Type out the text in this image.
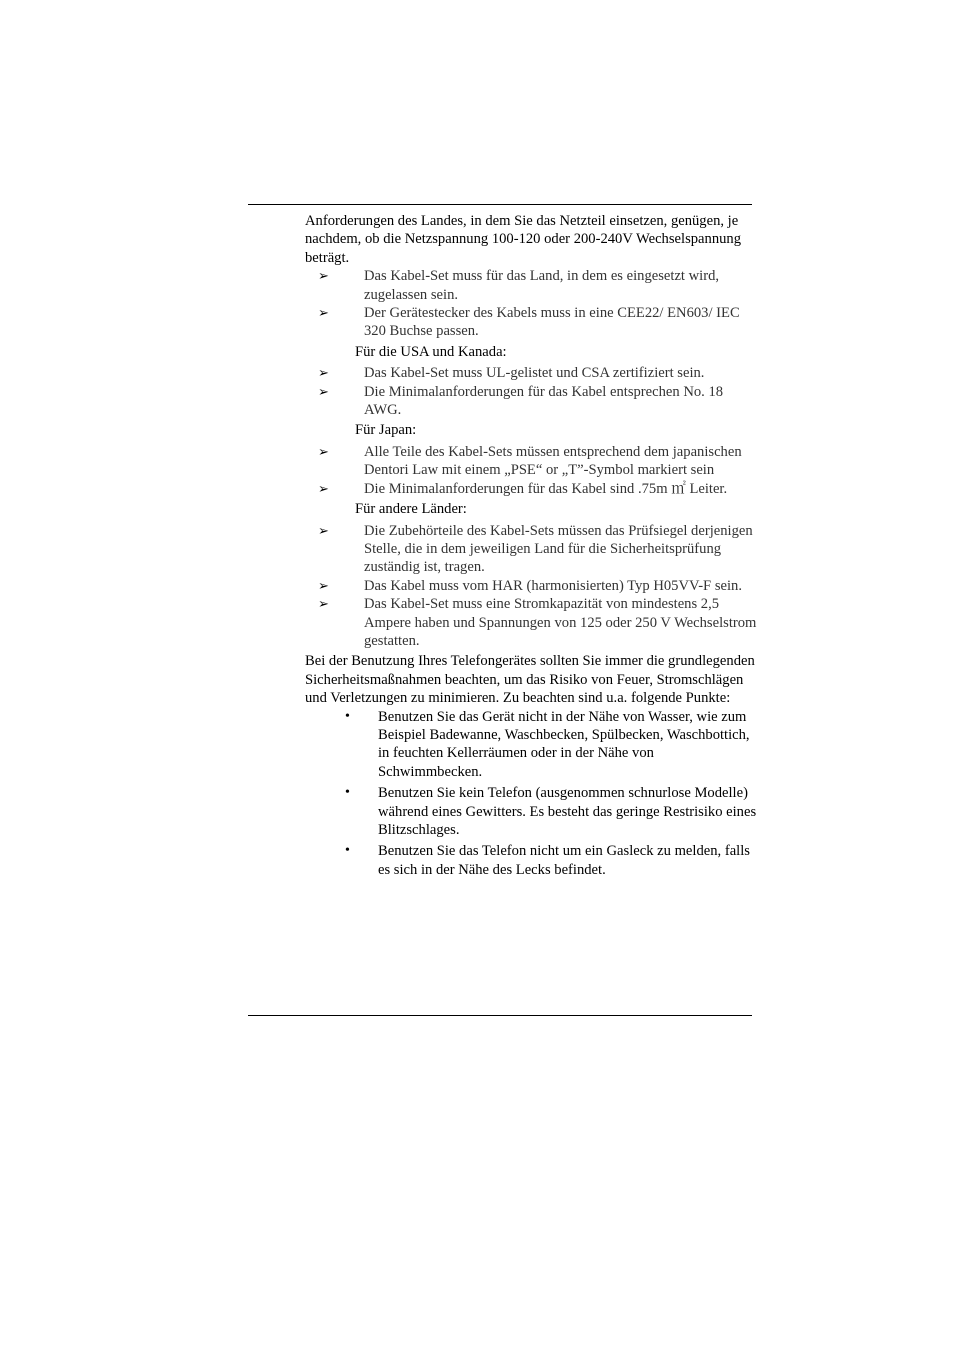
Anforderungen des Landes, in dem Sie das Netzteil einsetzen, genügen, je nachdem, ob die Netzspannung 100-120 oder 200-240V Wechselspannung beträgt.

➢ Das Kabel-Set muss für das Land, in dem es eingesetzt wird, zugelassen sein.
➢ Der Gerätestecker des Kabels muss in eine CEE22/ EN603/ IEC 320 Buchse passen.

Für die USA und Kanada:

➢ Das Kabel-Set muss UL-gelistet und CSA zertifiziert sein.
➢ Die Minimalanforderungen für das Kabel entsprechen No. 18 AWG.

Für Japan:

➢ Alle Teile des Kabel-Sets müssen entsprechend dem japanischen Dentori Law mit einem „PSE“ or „T”-Symbol markiert sein
➢ Die Minimalanforderungen für das Kabel sind .75m ㎡ Leiter.

Für andere Länder:

➢ Die Zubehörteile des Kabel-Sets müssen das Prüfsiegel derjenigen Stelle, die in dem jeweiligen Land für die Sicherheitsprüfung zuständig ist, tragen.
➢ Das Kabel muss vom HAR (harmonisierten) Typ H05VV-F sein.
➢ Das Kabel-Set muss eine Stromkapazität von mindestens 2,5 Ampere haben und Spannungen von 125 oder 250 V Wechselstrom gestatten.

Bei der Benutzung Ihres Telefongerätes sollten Sie immer die grundlegenden Sicherheitsmaßnahmen beachten, um das Risiko von Feuer, Stromschlägen und Verletzungen zu minimieren. Zu beachten sind u.a. folgende Punkte:

• Benutzen Sie das Gerät nicht in der Nähe von Wasser, wie zum Beispiel Badewanne, Waschbecken, Spülbecken, Waschbottich, in feuchten Kellerräumen oder in der Nähe von Schwimmbecken.
• Benutzen Sie kein Telefon (ausgenommen schnurlose Modelle) während eines Gewitters. Es besteht das geringe Restrisiko eines Blitzschlages.
• Benutzen Sie das Telefon nicht um ein Gasleck zu melden, falls es sich in der Nähe des Lecks befindet.
